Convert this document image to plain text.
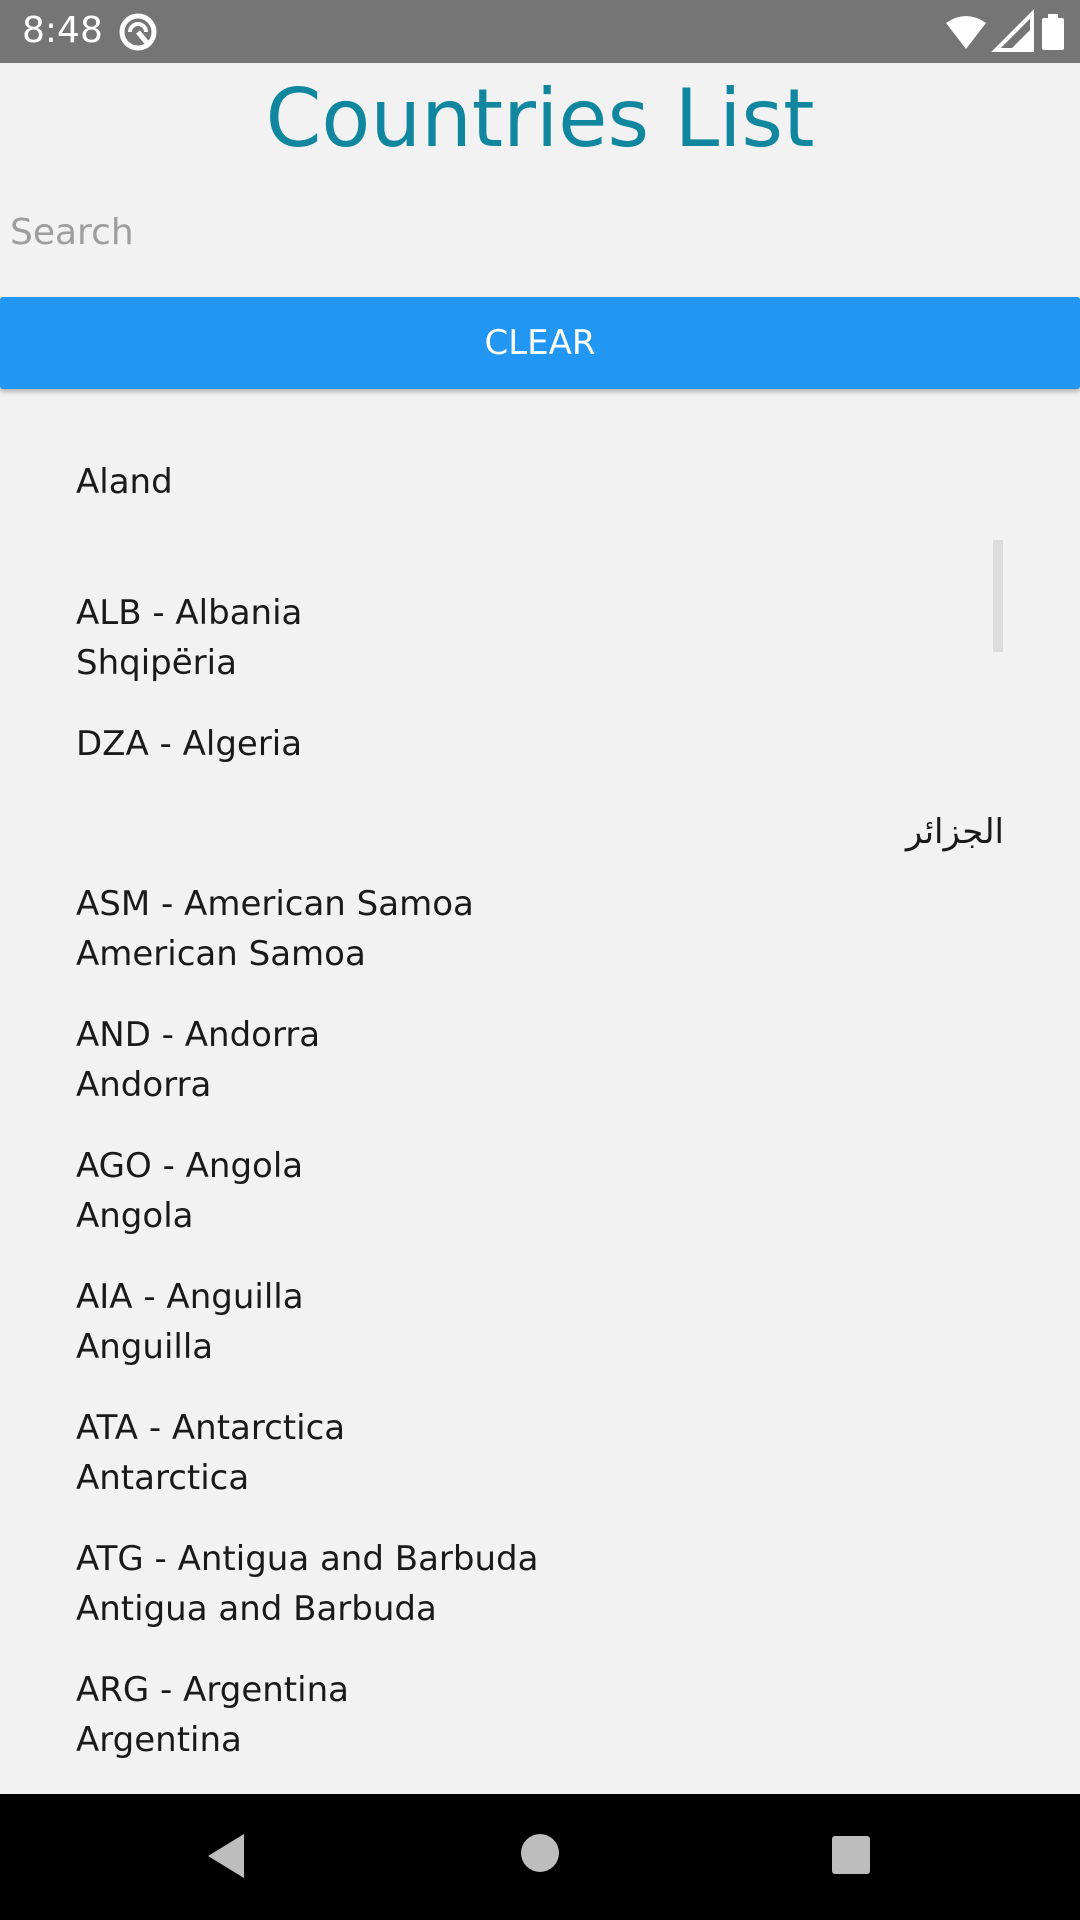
8:48
Countries List
Search
CLEAR
Aland
ALB - Albania
Shqipëria
DZA - Algeria
الجزائر
ASM - American Samoa
American Samoa
AND - Andorra
Andorra
AGO - Angola
Angola
AIA - Anguilla
Anguilla
ATA - Antarctica
Antarctica
ATG - Antigua and Barbuda
Antigua and Barbuda
ARG - Argentina
Argentina
